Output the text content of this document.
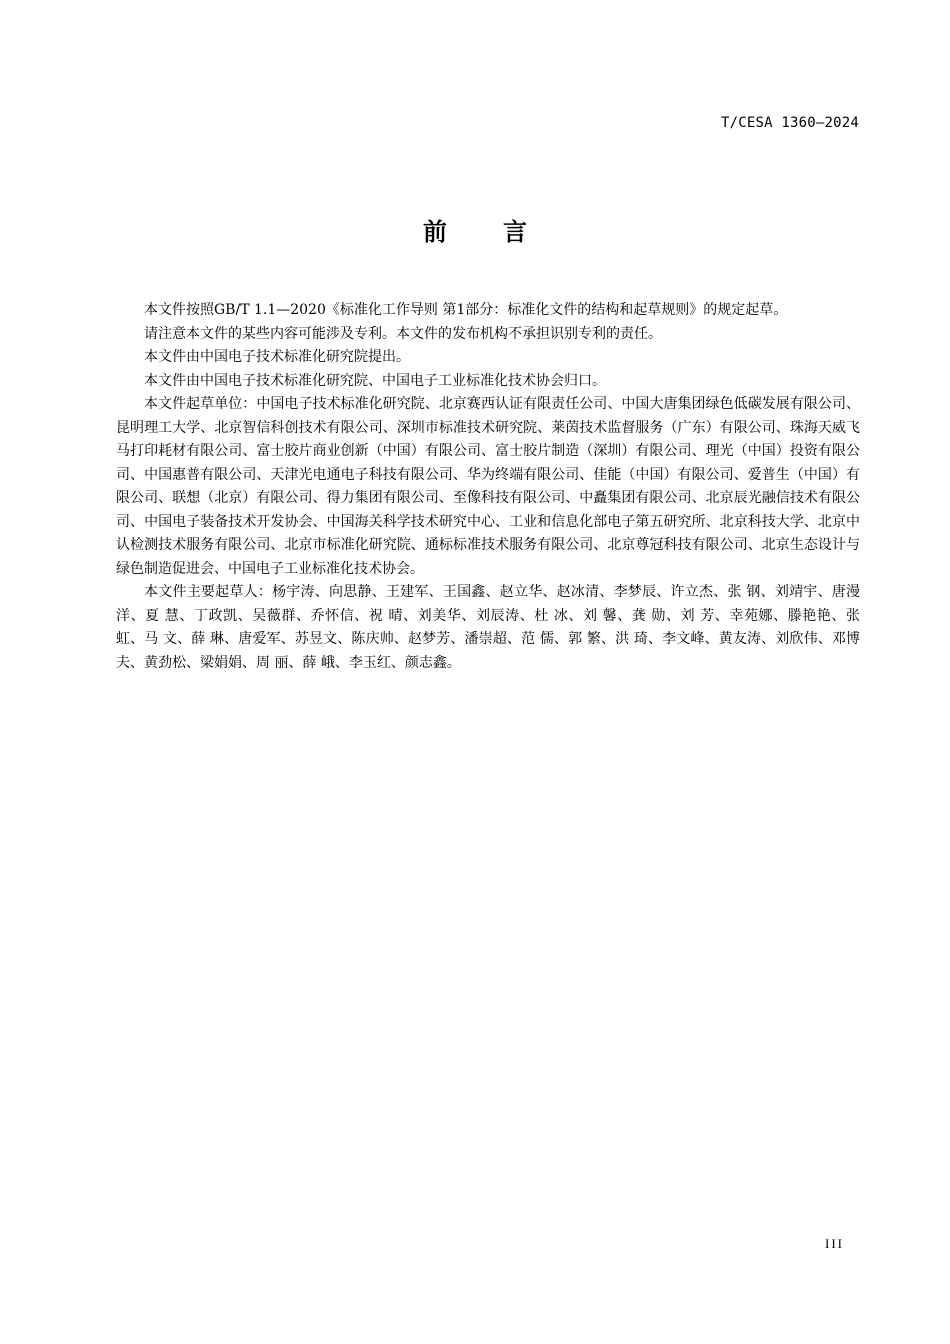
T/CESA 1360—2024
前言

本文件按照GB/T 1.1—2020《标准化工作导则 第1部分：标准化文件的结构和起草规则》的规定起草。

请注意本文件的某些内容可能涉及专利。本文件的发布机构不承担识别专利的责任。

本文件由中国电子技术标准化研究院提出。

本文件由中国电子技术标准化研究院、中国电子工业标准化技术协会归口。

本文件起草单位：中国电子技术标准化研究院、北京赛西认证有限责任公司、中国大唐集团绿色低碳发展有限公司、昆明理工大学、北京智信科创技术有限公司、深圳市标准技术研究院、莱茵技术监督服务（广东）有限公司、珠海天威飞马打印耗材有限公司、富士胶片商业创新（中国）有限公司、富士胶片制造（深圳）有限公司、理光（中国）投资有限公司、中国惠普有限公司、天津光电通电子科技有限公司、华为终端有限公司、佳能（中国）有限公司、爱普生（中国）有限公司、联想（北京）有限公司、得力集团有限公司、至像科技有限公司、中矗集团有限公司、北京辰光融信技术有限公司、中国电子装备技术开发协会、中国海关科学技术研究中心、工业和信息化部电子第五研究所、北京科技大学、北京中认检测技术服务有限公司、北京市标准化研究院、通标标准技术服务有限公司、北京尊冠科技有限公司、北京生态设计与绿色制造促进会、中国电子工业标准化技术协会。

本文件主要起草人：杨宇涛、向思静、王建军、王国鑫、赵立华、赵冰清、李梦辰、许立杰、张 钢、刘靖宇、唐漫洋、夏 慧、丁政凯、吴薇群、乔怀信、祝 晴、刘美华、刘辰涛、杜 冰、刘 馨、龚 勋、刘 芳、幸苑娜、滕艳艳、张 虹、马 文、薛 琳、唐爱军、苏昱文、陈庆帅、赵梦芳、潘崇超、范 儒、郭 繁、洪 琦、李文峰、黄友涛、刘欣伟、邓博夫、黄劲松、梁娟娟、周 丽、薛 峨、李玉红、颜志鑫。

III
